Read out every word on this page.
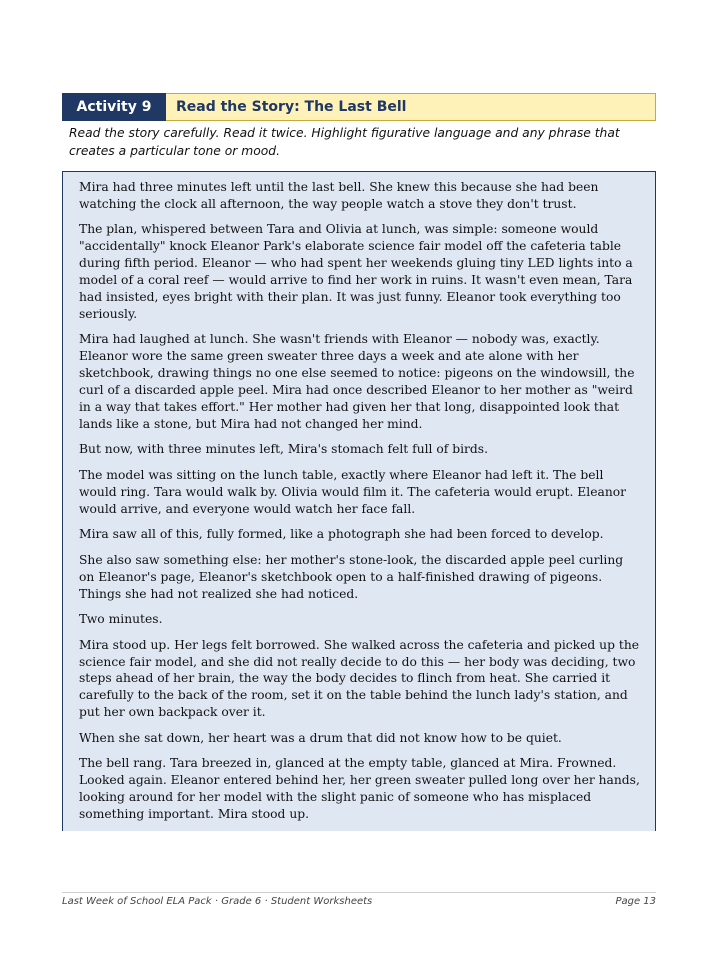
Activity 9	Read the Story: The Last Bell
Read the story carefully. Read it twice. Highlight figurative language and any phrase that creates a particular tone or mood.

Mira had three minutes left until the last bell. She knew this because she had been watching the clock all afternoon, the way people watch a stove they don't trust.

The plan, whispered between Tara and Olivia at lunch, was simple: someone would "accidentally" knock Eleanor Park's elaborate science fair model off the cafeteria table during fifth period. Eleanor — who had spent her weekends gluing tiny LED lights into a model of a coral reef — would arrive to find her work in ruins. It wasn't even mean, Tara had insisted, eyes bright with their plan. It was just funny. Eleanor took everything too seriously.

Mira had laughed at lunch. She wasn't friends with Eleanor — nobody was, exactly. Eleanor wore the same green sweater three days a week and ate alone with her sketchbook, drawing things no one else seemed to notice: pigeons on the windowsill, the curl of a discarded apple peel. Mira had once described Eleanor to her mother as "weird in a way that takes effort." Her mother had given her that long, disappointed look that lands like a stone, but Mira had not changed her mind.

But now, with three minutes left, Mira's stomach felt full of birds.

The model was sitting on the lunch table, exactly where Eleanor had left it. The bell would ring. Tara would walk by. Olivia would film it. The cafeteria would erupt. Eleanor would arrive, and everyone would watch her face fall.

Mira saw all of this, fully formed, like a photograph she had been forced to develop.

She also saw something else: her mother's stone-look, the discarded apple peel curling on Eleanor's page, Eleanor's sketchbook open to a half-finished drawing of pigeons. Things she had not realized she had noticed.

Two minutes.

Mira stood up. Her legs felt borrowed. She walked across the cafeteria and picked up the science fair model, and she did not really decide to do this — her body was deciding, two steps ahead of her brain, the way the body decides to flinch from heat. She carried it carefully to the back of the room, set it on the table behind the lunch lady's station, and put her own backpack over it.

When she sat down, her heart was a drum that did not know how to be quiet.

The bell rang. Tara breezed in, glanced at the empty table, glanced at Mira. Frowned. Looked again. Eleanor entered behind her, her green sweater pulled long over her hands, looking around for her model with the slight panic of someone who has misplaced something important. Mira stood up.

Last Week of School ELA Pack · Grade 6 · Student Worksheets	Page 13
